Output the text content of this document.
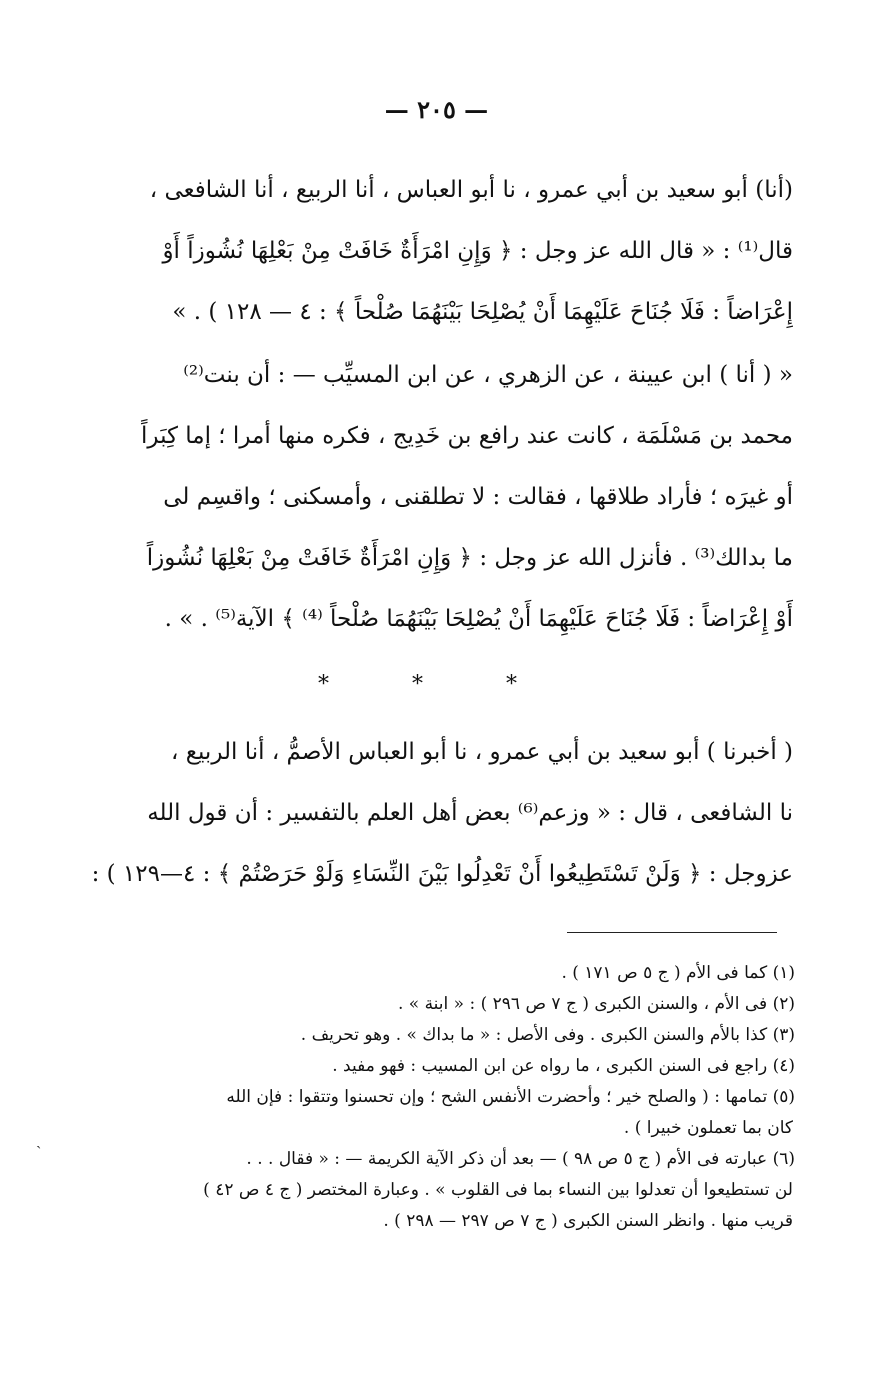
— ٢٠٥ —
(أنا) أبو سعيد بن أبي عمرو ، نا أبو العباس ، أنا الربيع ، أنا الشافعى ،
قال⁽¹⁾ : « قال الله عز وجل : ﴿ وَإِنِ امْرَأَةٌ خَافَتْ مِنْ بَعْلِهَا نُشُوزاً أَوْ
إِعْرَاضاً : فَلَا جُنَاحَ عَلَيْهِمَا أَنْ يُصْلِحَا بَيْنَهُمَا صُلْحاً ﴾ : ٤ — ١٢٨ ) . »
« ( أنا ) ابن عيينة ، عن الزهري ، عن ابن المسيِّب — : أن بنت⁽²⁾
محمد بن مَسْلَمَة ، كانت عند رافع بن خَدِيج ، فكره منها أمرا ؛ إما كِبَراً
أو غيرَه ؛ فأراد طلاقها ، فقالت : لا تطلقنى ، وأمسكنى ؛ واقسِم لى
ما بدالك⁽³⁾ . فأنزل الله عز وجل : ﴿ وَإِنِ امْرَأَةٌ خَافَتْ مِنْ بَعْلِهَا نُشُوزاً
أَوْ إِعْرَاضاً : فَلَا جُنَاحَ عَلَيْهِمَا أَنْ يُصْلِحَا بَيْنَهُمَا صُلْحاً ⁽⁴⁾ ﴾ الآية⁽⁵⁾ . » .
* * *
( أخبرنا ) أبو سعيد بن أبي عمرو ، نا أبو العباس الأصمُّ ، أنا الربيع ،
نا الشافعى ، قال : « وزعم⁽⁶⁾ بعض أهل العلم بالتفسير : أن قول الله
عزوجل : ﴿ وَلَنْ تَسْتَطِيعُوا أَنْ تَعْدِلُوا بَيْنَ النِّسَاءِ وَلَوْ حَرَصْتُمْ ﴾ : ٤—١٢٩ ) :
(١) كما فى الأم ( ج ٥ ص ١٧١ ) .
(٢) فى الأم ، والسنن الكبرى ( ج ٧ ص ٢٩٦ ) : « ابنة » .
(٣) كذا بالأم والسنن الكبرى . وفى الأصل : « ما بداك » . وهو تحريف .
(٤) راجع فى السنن الكبرى ، ما رواه عن ابن المسيب : فهو مفيد .
(٥) تمامها : ( والصلح خير ؛ وأحضرت الأنفس الشح ؛ وإن تحسنوا وتتقوا : فإن الله
كان بما تعملون خبيرا ) .
(٦) عبارته فى الأم ( ج ٥ ص ٩٨ ) — بعد أن ذكر الآية الكريمة — : « فقال . . .
لن تستطيعوا أن تعدلوا بين النساء بما فى القلوب » . وعبارة المختصر ( ج ٤ ص ٤٢ )
قريب منها . وانظر السنن الكبرى ( ج ٧ ص ٢٩٧ — ٢٩٨ ) .
ˎ
